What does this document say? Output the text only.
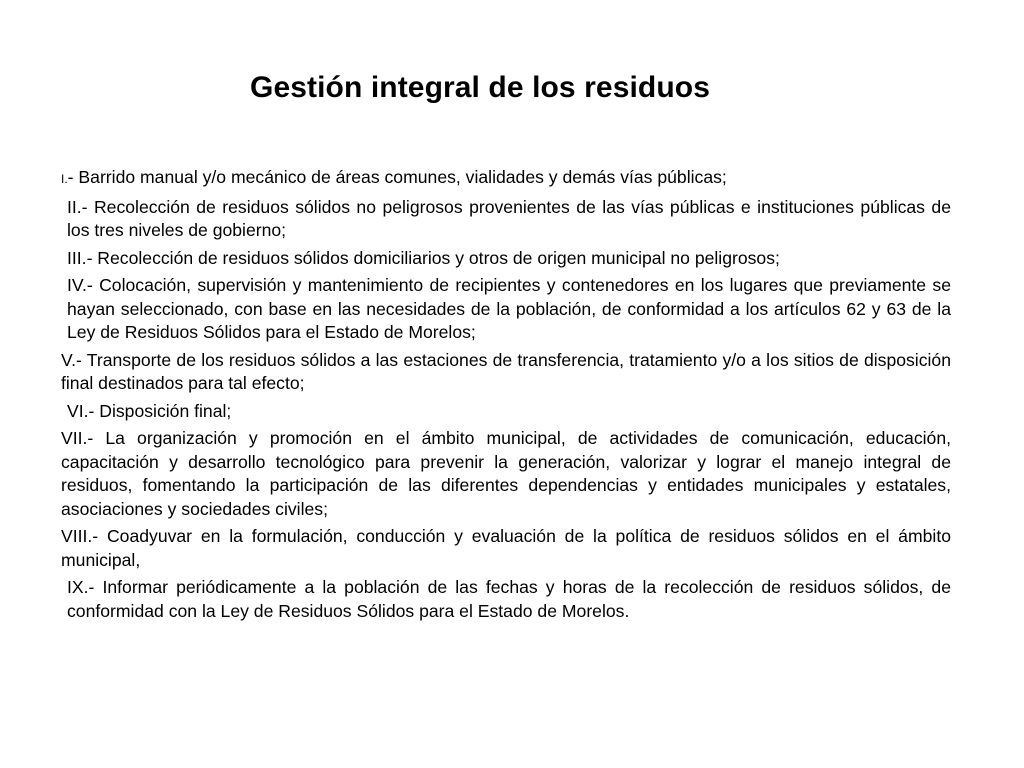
Gestión integral de los residuos
I.- Barrido manual y/o mecánico de áreas comunes, vialidades y demás vías públicas;
II.- Recolección de residuos sólidos no peligrosos provenientes de las vías públicas e instituciones públicas de los tres niveles de gobierno;
III.- Recolección de residuos sólidos domiciliarios y otros de origen municipal no peligrosos;
IV.- Colocación, supervisión y mantenimiento de recipientes y contenedores en los lugares que previamente se hayan seleccionado, con base en las necesidades de la población, de conformidad a los artículos 62 y 63 de la Ley de Residuos Sólidos para el Estado de Morelos;
V.- Transporte de los residuos sólidos a las estaciones de transferencia, tratamiento y/o a los sitios de disposición final destinados para tal efecto;
VI.- Disposición final;
VII.- La organización y promoción en el ámbito municipal, de actividades de comunicación, educación, capacitación y desarrollo tecnológico para prevenir la generación, valorizar y lograr el manejo integral de residuos, fomentando la participación de las diferentes dependencias y entidades municipales y estatales, asociaciones y sociedades civiles;
VIII.- Coadyuvar en la formulación, conducción y evaluación de la política de residuos sólidos en el ámbito municipal,
IX.- Informar periódicamente a la población de las fechas y horas de la recolección de residuos sólidos, de conformidad con la Ley de Residuos Sólidos para el Estado de Morelos.
